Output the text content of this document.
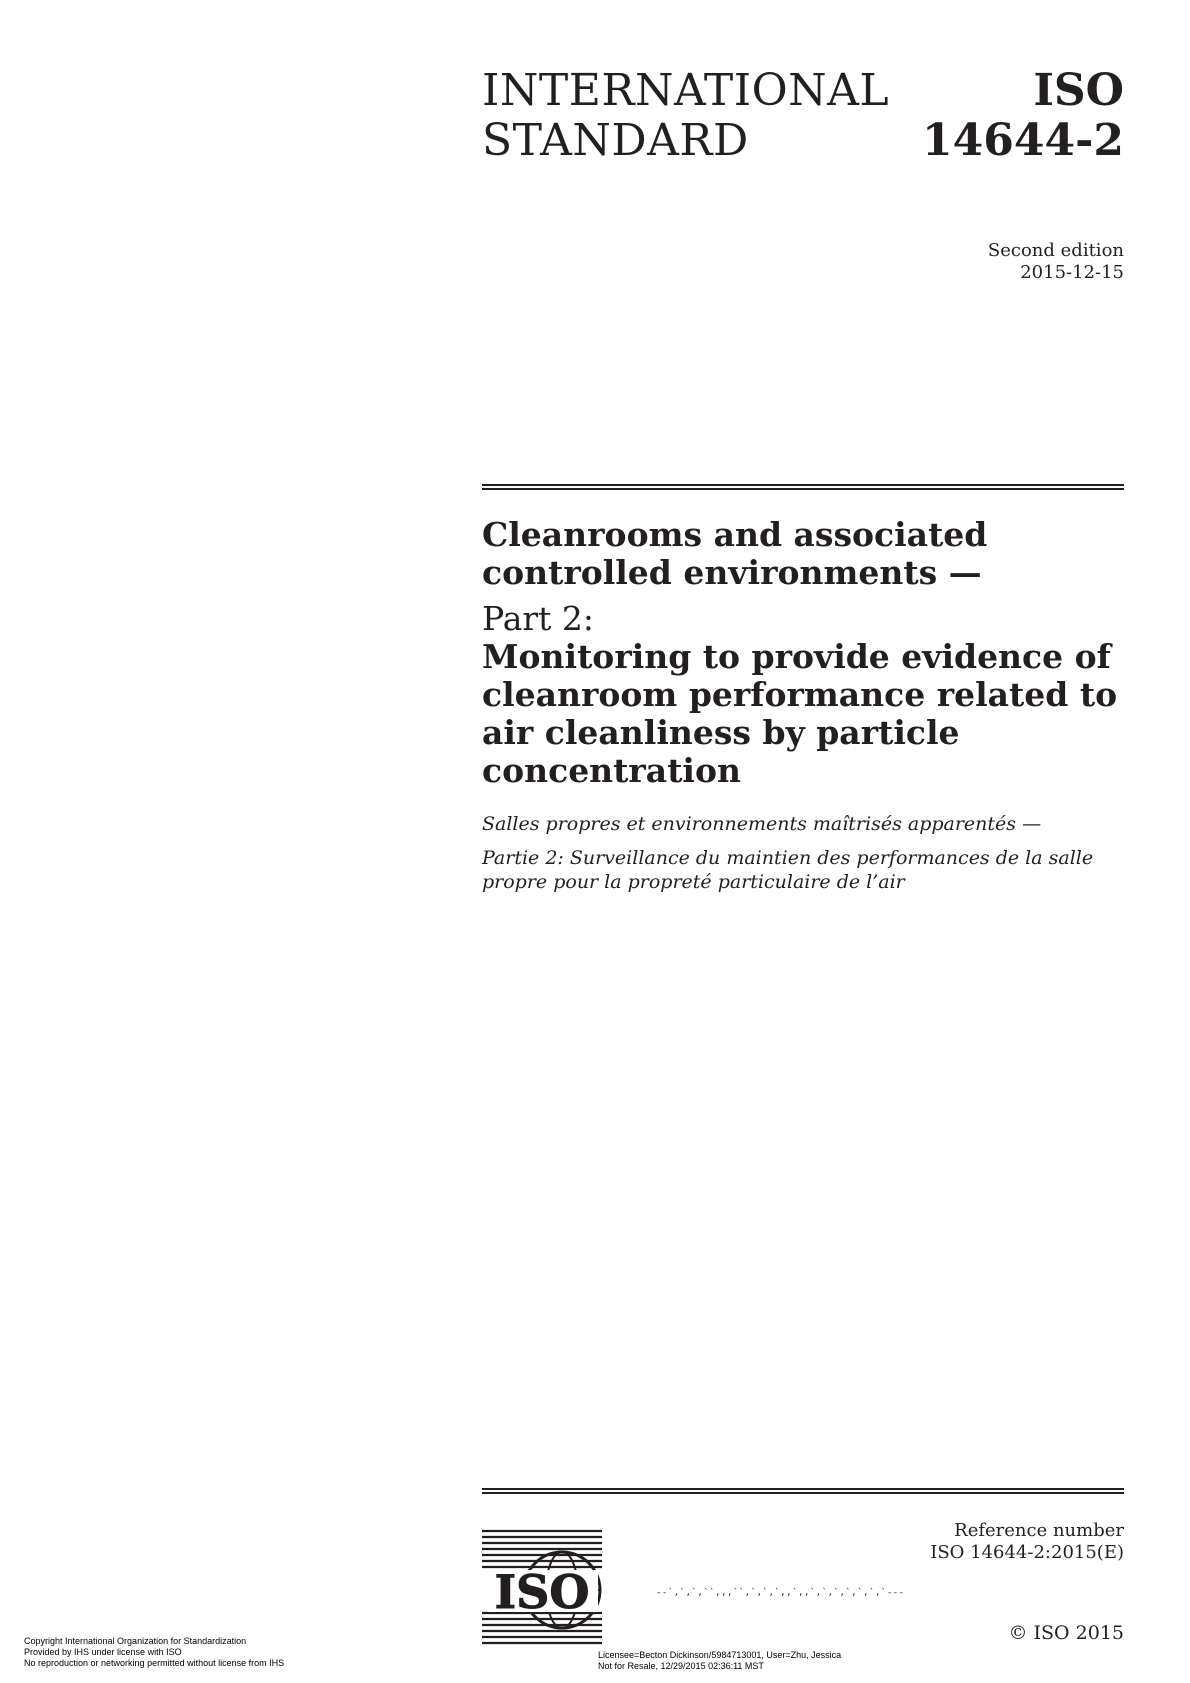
INTERNATIONAL
STANDARD
ISO
14644-2
Second edition
2015-12-15

Cleanrooms and associated controlled environments —

Part 2:

Monitoring to provide evidence of cleanroom performance related to air cleanliness by particle concentration

Salles propres et environnements maîtrisés apparentés —

Partie 2: Surveillance du maintien des performances de la salle propre pour la propreté particulaire de l’air

ISO	--`,`,`,``,,,``,`,`,`,,`,,`,`,`,`,`,`,`---
Reference number
ISO 14644-2:2015(E)
© ISO 2015
Copyright International Organization for Standardization
Provided by IHS under license with ISO
No reproduction or networking permitted without license from IHS
Licensee=Becton Dickinson/5984713001, User=Zhu, Jessica
Not for Resale, 12/29/2015 02:36:11 MST
